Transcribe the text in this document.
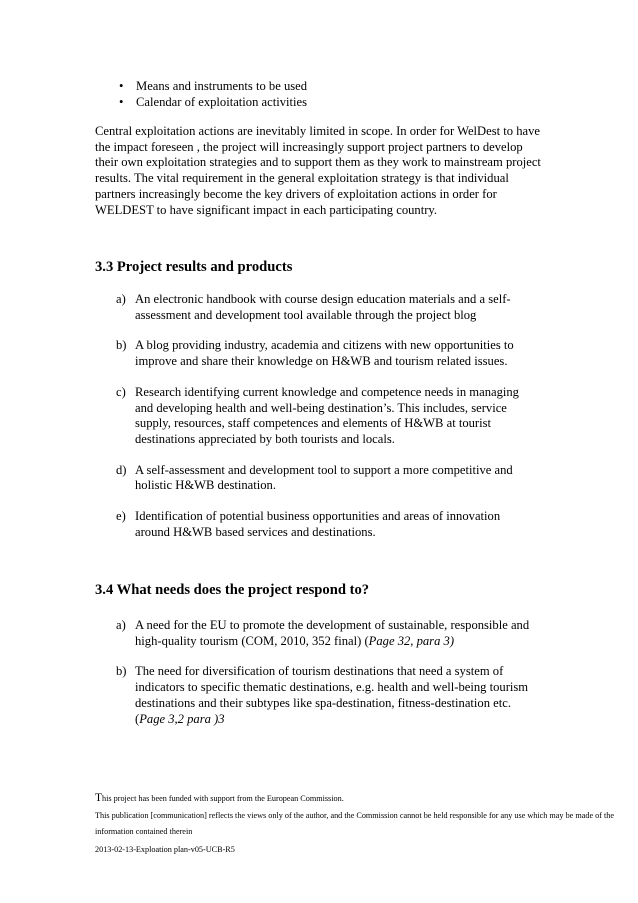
• Means and instruments to be used
• Calendar of exploitation activities

Central exploitation actions are inevitably limited in scope. In order for WelDest to have the impact foreseen , the project will increasingly support project partners to develop their own exploitation strategies and to support them as they work to mainstream project results. The vital requirement in the general exploitation strategy is that individual partners increasingly become the key drivers of exploitation actions in order for WELDEST to have significant impact in each participating country.

3.3 Project results and products
a) An electronic handbook with course design education materials and a self-assessment and development tool available through the project blog
b) A blog providing industry, academia and citizens with new opportunities to improve and share their knowledge on H&WB and tourism related issues.
c) Research identifying current knowledge and competence needs in managing and developing health and well-being destination’s. This includes, service supply, resources, staff competences and elements of H&WB at tourist destinations appreciated by both tourists and locals.
d) A self-assessment and development tool to support a more competitive and holistic H&WB destination.
e) Identification of potential business opportunities and areas of innovation around H&WB based services and destinations.
3.4 What needs does the project respond to?
a) A need for the EU to promote the development of sustainable, responsible and high-quality tourism (COM, 2010, 352 final) (Page 32, para 3)
b) The need for diversification of tourism destinations that need a system of indicators to specific thematic destinations, e.g. health and well-being tourism destinations and their subtypes like spa-destination, fitness-destination etc. (Page 3,2 para )3
This project has been funded with support from the European Commission.
This publication [communication] reflects the views only of the author, and the Commission cannot be held responsible for any use which may be made of the information contained therein
2013-02-13-Exploation plan-v05-UCB-R5
